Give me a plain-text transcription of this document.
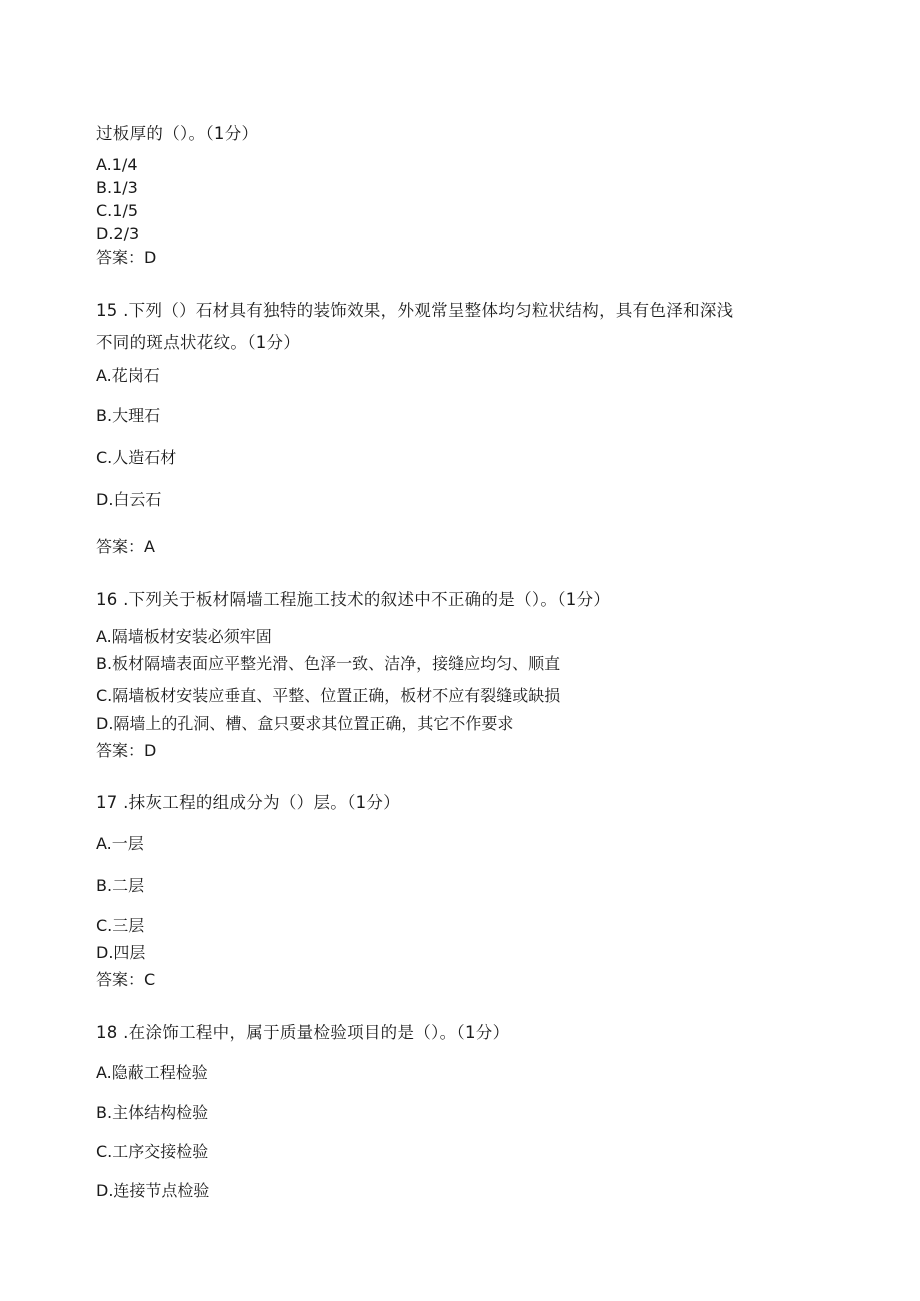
过板厚的（）。（1分）
A.1/4
B.1/3
C.1/5
D.2/3
答案：D
15 .下列（）石材具有独特的装饰效果，外观常呈整体均匀粒状结构，具有色泽和深浅
不同的斑点状花纹。（1分）
A.花岗石
B.大理石
C.人造石材
D.白云石
答案：A
16 .下列关于板材隔墙工程施工技术的叙述中不正确的是（）。（1分）
A.隔墙板材安装必须牢固
B.板材隔墙表面应平整光滑、色泽一致、洁净，接缝应均匀、顺直
C.隔墙板材安装应垂直、平整、位置正确，板材不应有裂缝或缺损
D.隔墙上的孔洞、槽、盒只要求其位置正确，其它不作要求
答案：D
17 .抹灰工程的组成分为（）层。（1分）
A.一层
B.二层
C.三层
D.四层
答案：C
18 .在涂饰工程中，属于质量检验项目的是（）。（1分）
A.隐蔽工程检验
B.主体结构检验
C.工序交接检验
D.连接节点检验
